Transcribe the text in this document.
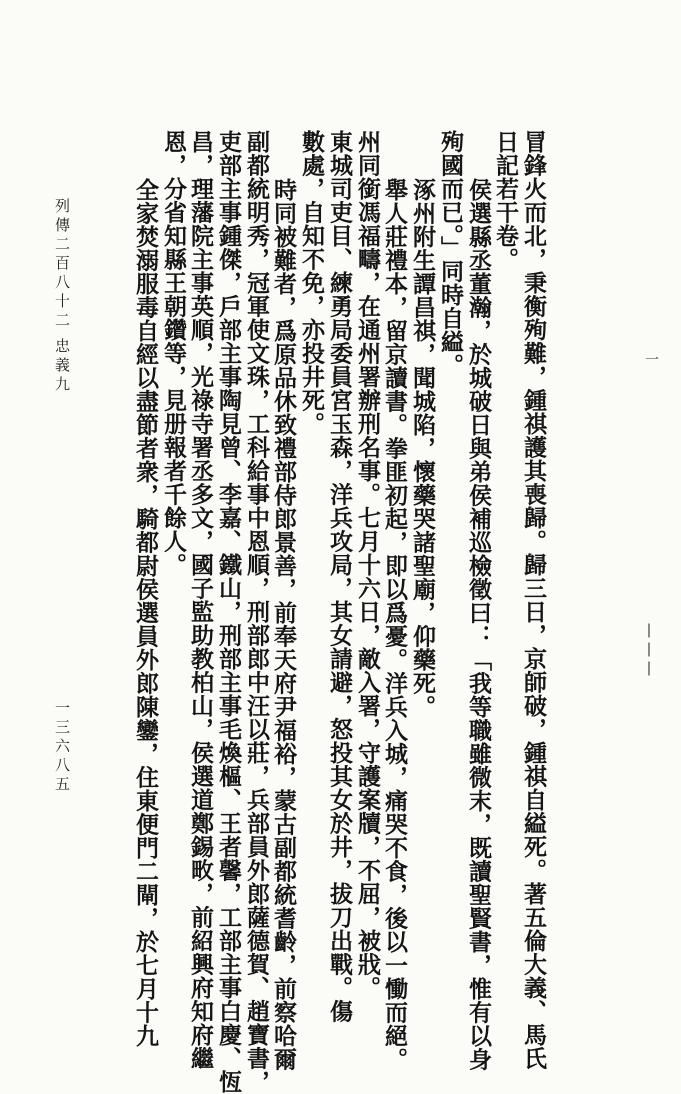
冒鋒火而北，秉衡殉難，鍾祺護其喪歸。歸三日，京師破，鍾祺自縊死。著五倫大義、馬氏
日記若干卷。
侯選縣丞董瀚，於城破日與弟侯補巡檢徵曰：「我等職雖微末，既讀聖賢書，惟有以身
殉國而已。」同時自縊。
涿州附生譚昌祺，聞城陷，懷藥哭諸聖廟，仰藥死。
舉人莊禮本，留京讀書。拳匪初起，即以爲憂。洋兵入城，痛哭不食，後以一慟而絕。
州同銜馮福疇，在通州署辦刑名事。七月十六日，敵入署，守護案牘，不屈，被戕。
東城司吏目、練勇局委員宮玉森，洋兵攻局，其女請避，怒投其女於井，拔刀出戰。傷
數處，自知不免，亦投井死。
時同被難者，爲原品休致禮部侍郎景善，前奉天府尹福裕，蒙古副都統耆齡，前察哈爾
副都統明秀，冠軍使文珠，工科給事中恩順，刑部郎中汪以莊，兵部員外郎薩德賀、趙寶書，
吏部主事鍾傑，戶部主事陶見曾、李嘉、鐵山，刑部主事毛煥樞、王者馨，工部主事白慶、恆
昌，理藩院主事英順，光祿寺署丞多文，國子監助教柏山，侯選道鄭錫畋，前紹興府知府繼
恩，分省知縣王朝鑽等，見册報者千餘人。
全家焚溺服毒自經以盡節者衆，騎都尉侯選員外郎陳鑾，住東便門二閘，於七月十九
列傳二百八十二
忠義九
一三六八五
一
|||
